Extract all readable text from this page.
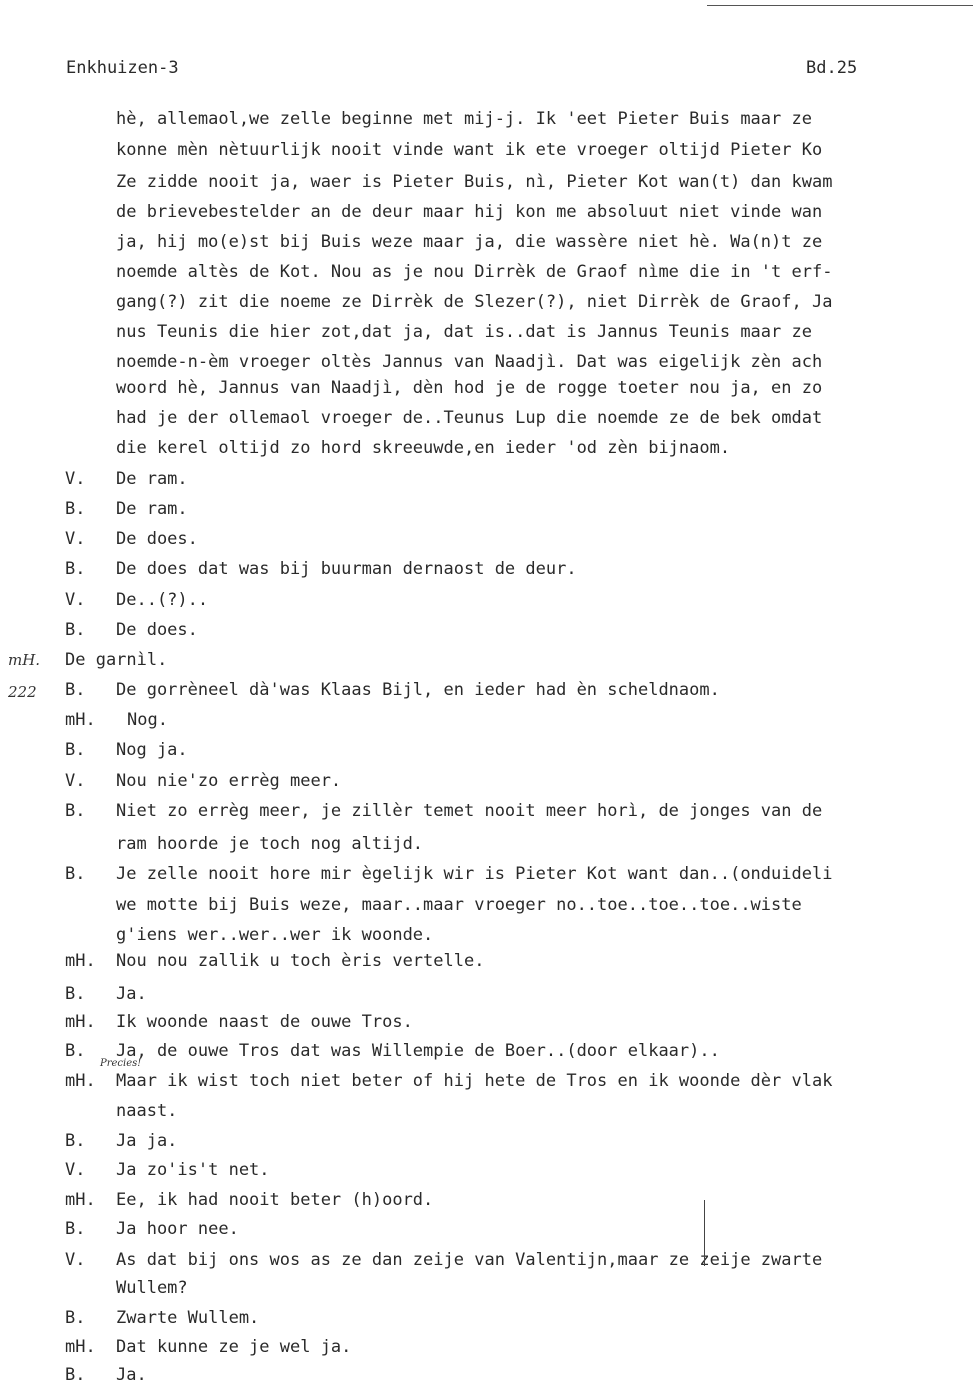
Enkhuizen-3	Bd.25
hè, allemaol,we zelle beginne met mij-j. Ik 'eet Pieter Buis maar ze
konne mèn nètuurlijk nooit vinde want ik ete vroeger oltijd Pieter Ko
Ze zidde nooit ja, waer is Pieter Buis, nì, Pieter Kot wan(t) dan kwam
de brievebestelder an de deur maar hij kon me absoluut niet vinde wan
ja, hij mo(e)st bij Buis weze maar ja, die wassère niet hè. Wa(n)t ze
noemde altès de Kot. Nou as je nou Dirrèk de Graof nìme die in 't erf-
gang(?) zit die noeme ze Dirrèk de Slezer(?), niet Dirrèk de Graof, Ja
nus Teunis die hier zot,dat ja, dat is..dat is Jannus Teunis maar ze
noemde-n-èm vroeger oltès Jannus van Naadjì. Dat was eigelijk zèn ach
woord hè, Jannus van Naadjì, dèn hod je de rogge toeter nou ja, en zo
had je der ollemaol vroeger de..Teunus Lup die noemde ze de bek omdat
die kerel oltijd zo hord skreeuwde,en ieder 'od zèn bijnaom.
V. De ram.
B. De ram.
V. De does.
B. De does dat was bij buurman dernaost de deur.
V. De..(?)..
B. De does.
mH. De garnìl.
222 B. De gorrèneel dà'was Klaas Bijl, en ieder had èn scheldnaom.
mH. Nog.
B. Nog ja.
V. Nou nie'zo errèg meer.
B. Niet zo errèg meer, je zillèr temet nooit meer horì, de jonges van de
ram hoorde je toch nog altijd.
B. Je zelle nooit hore mir ègelijk wir is Pieter Kot want dan..(onduideli
we motte bij Buis weze, maar..maar vroeger no..toe..toe..toe..wiste
g'iens wer..wer..wer ik woonde.
mH. Nou nou zallik u toch èris vertelle.
B. Ja.
mH. Ik woonde naast de ouwe Tros.
B. Ja, de ouwe Tros dat was Willempie de Boer..(door elkaar)..
Precies!
mH. Maar ik wist toch niet beter of hij hete de Tros en ik woonde dèr vlak
naast.
B. Ja ja.
V. Ja zo'is't net.
mH. Ee, ik had nooit beter (h)oord.
B. Ja hoor nee.
V. As dat bij ons wos as ze dan zeije van Valentijn,maar ze zeije zwarte
Wullem?
B. Zwarte Wullem.
mH. Dat kunne ze je wel ja.
B. Ja.
